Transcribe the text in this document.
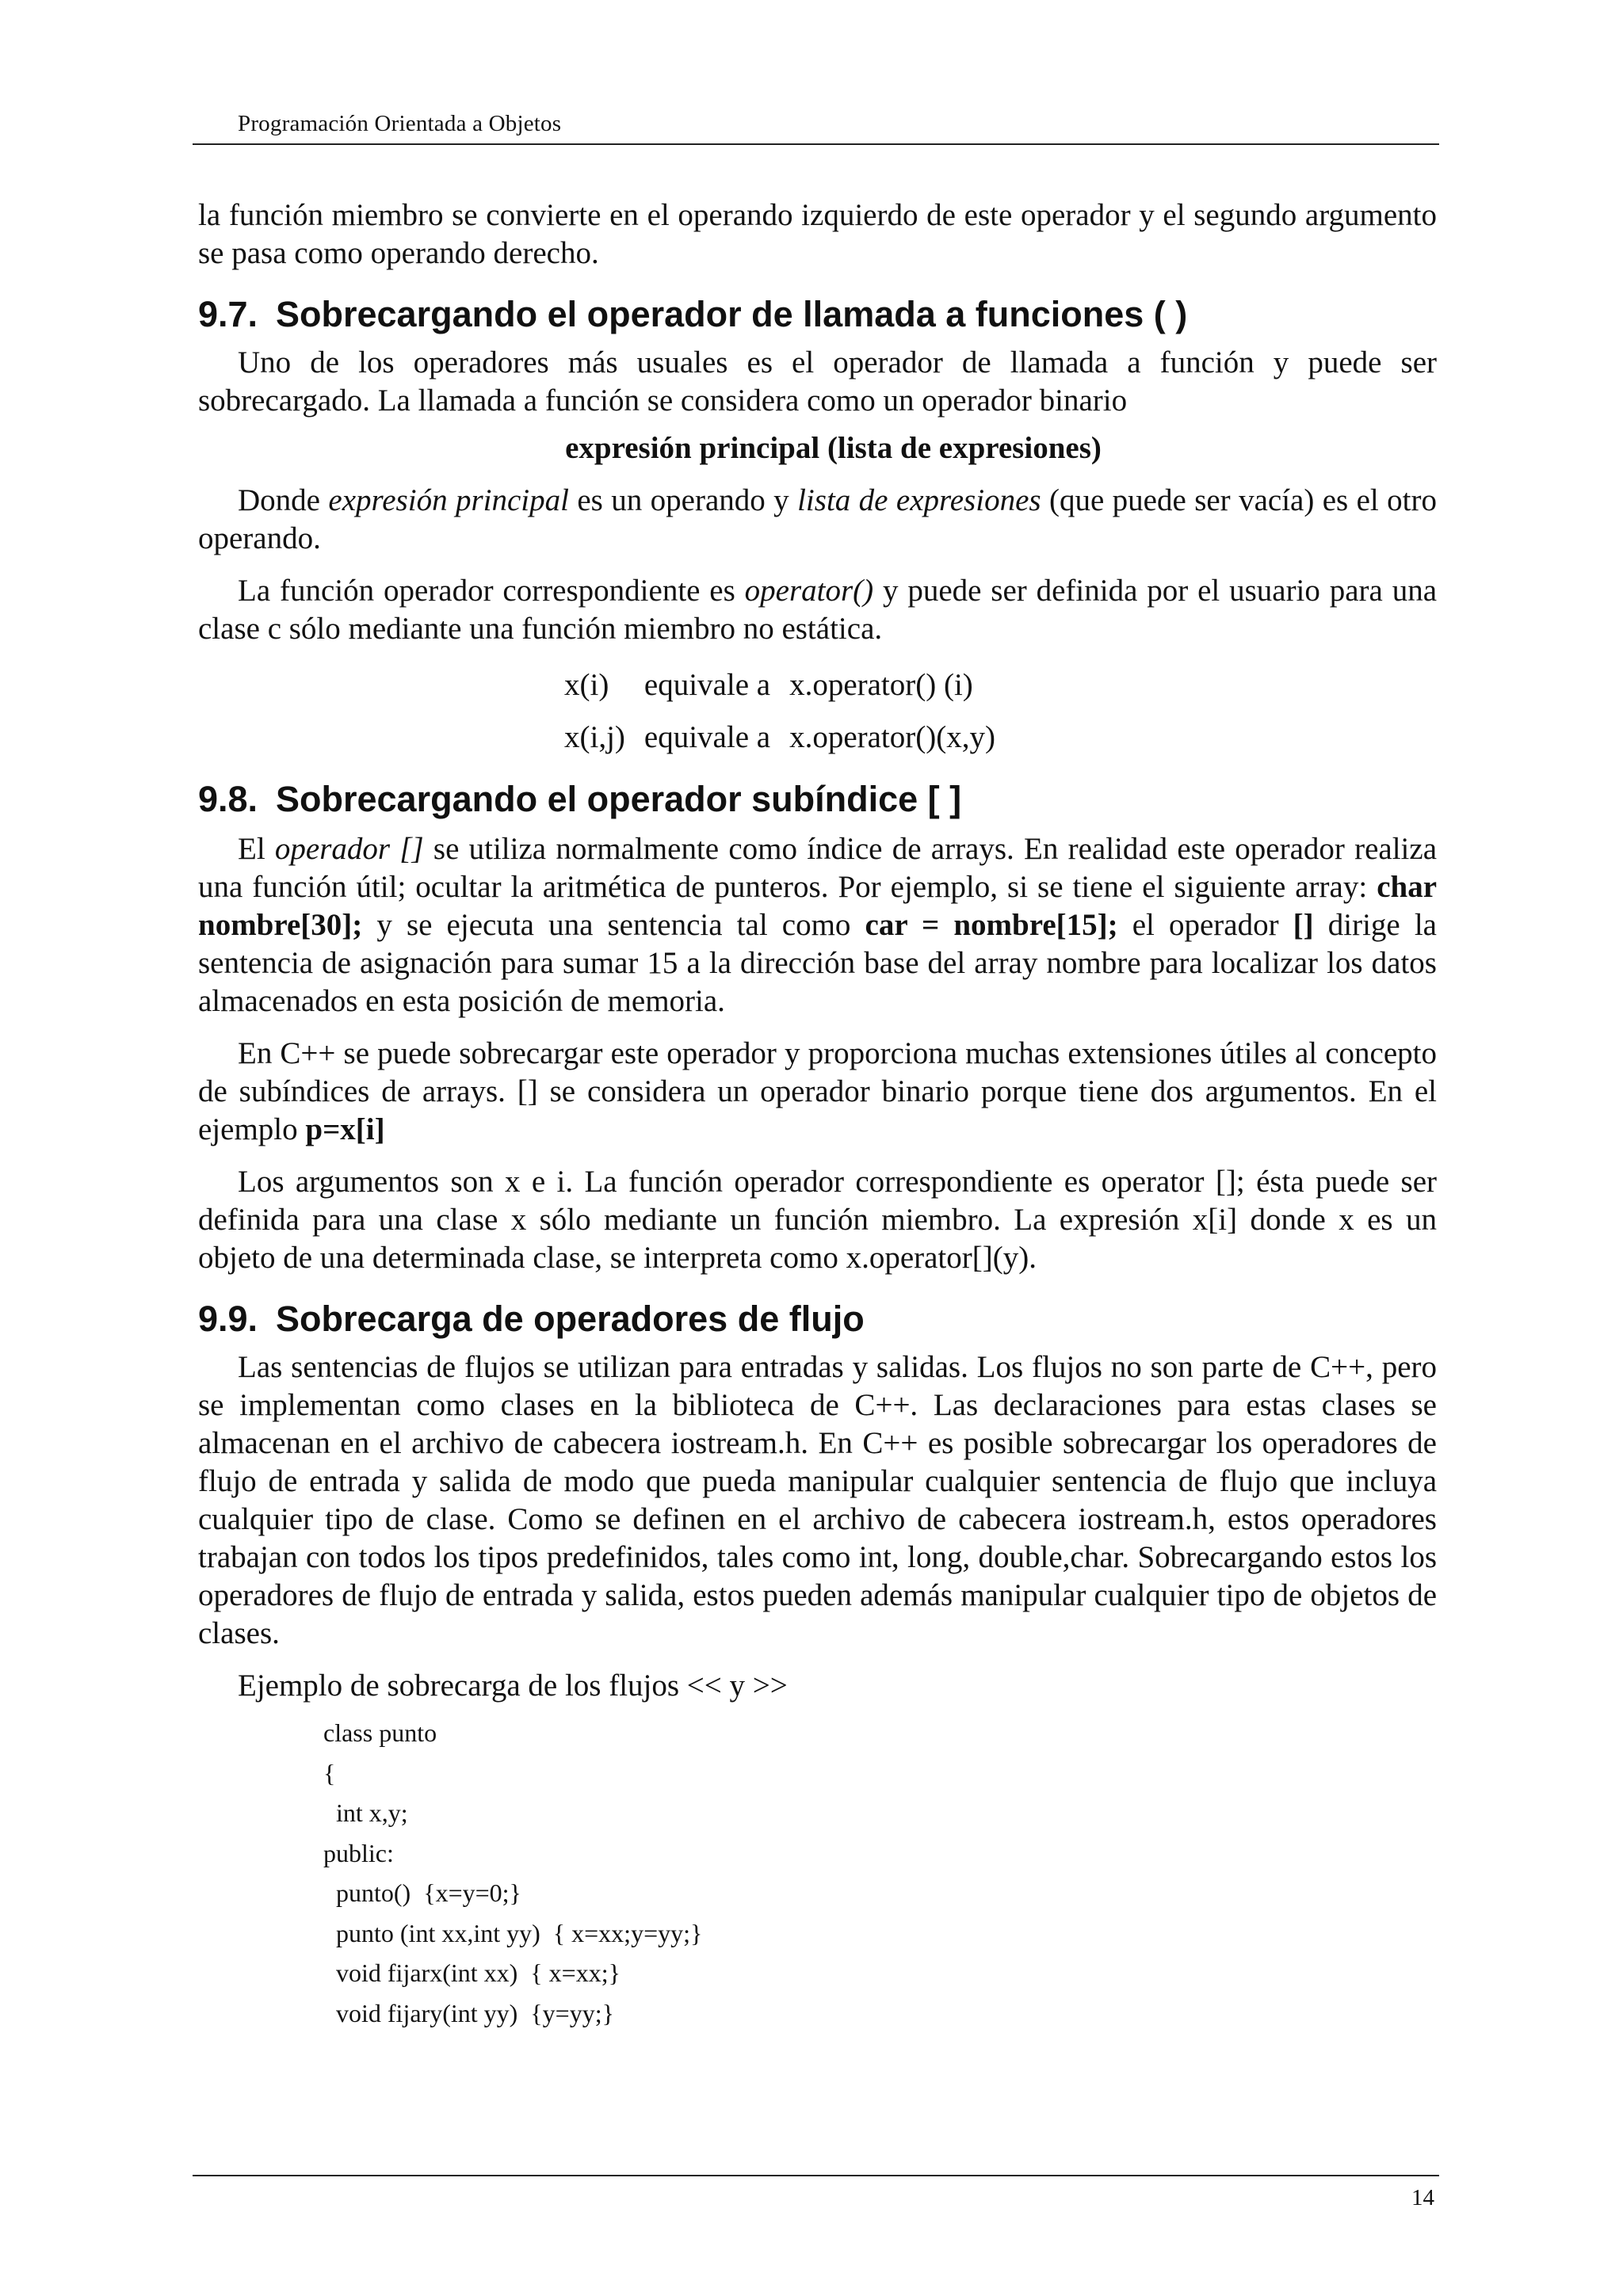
Programación Orientada a Objetos

la función miembro se convierte en el operando izquierdo de este operador y el segundo argumento se pasa como operando derecho.

9.7. Sobrecargando el operador de llamada a funciones ( )

Uno de los operadores más usuales es el operador de llamada a función y puede ser sobrecargado. La llamada a función se considera como un operador binario

expresión principal (lista de expresiones)

Donde expresión principal es un operando y lista de expresiones (que puede ser vacía) es el otro operando.

La función operador correspondiente es operator() y puede ser definida por el usuario para una clase c sólo mediante una función miembro no estática.

x(i)	equivale a	x.operator() (i)
x(i,j)	equivale a	x.operator()(x,y)
9.8. Sobrecargando el operador subíndice [ ]

El operador [] se utiliza normalmente como índice de arrays. En realidad este operador realiza una función útil; ocultar la aritmética de punteros. Por ejemplo, si se tiene el siguiente array: char nombre[30]; y se ejecuta una sentencia tal como car = nombre[15]; el operador [] dirige la sentencia de asignación para sumar 15 a la dirección base del array nombre para localizar los datos almacenados en esta posición de memoria.

En C++ se puede sobrecargar este operador y proporciona muchas extensiones útiles al concepto de subíndices de arrays. [] se considera un operador binario porque tiene dos argumentos. En el ejemplo p=x[i]

Los argumentos son x e i. La función operador correspondiente es operator []; ésta puede ser definida para una clase x sólo mediante un función miembro. La expresión x[i] donde x es un objeto de una determinada clase, se interpreta como x.operator[](y).

9.9. Sobrecarga de operadores de flujo

Las sentencias de flujos se utilizan para entradas y salidas. Los flujos no son parte de C++, pero se implementan como clases en la biblioteca de C++. Las declaraciones para estas clases se almacenan en el archivo de cabecera iostream.h. En C++ es posible sobrecargar los operadores de flujo de entrada y salida de modo que pueda manipular cualquier sentencia de flujo que incluya cualquier tipo de clase. Como se definen en el archivo de cabecera iostream.h, estos operadores trabajan con todos los tipos predefinidos, tales como int, long, double,char. Sobrecargando estos los operadores de flujo de entrada y salida, estos pueden además manipular cualquier tipo de objetos de clases.

Ejemplo de sobrecarga de los flujos << y >>

class punto
{
int x,y;
public:
punto()  {x=y=0;}
punto (int xx,int yy)  { x=xx;y=yy;}
void fijarx(int xx)  { x=xx;}
void fijary(int yy)  {y=yy;}
14
